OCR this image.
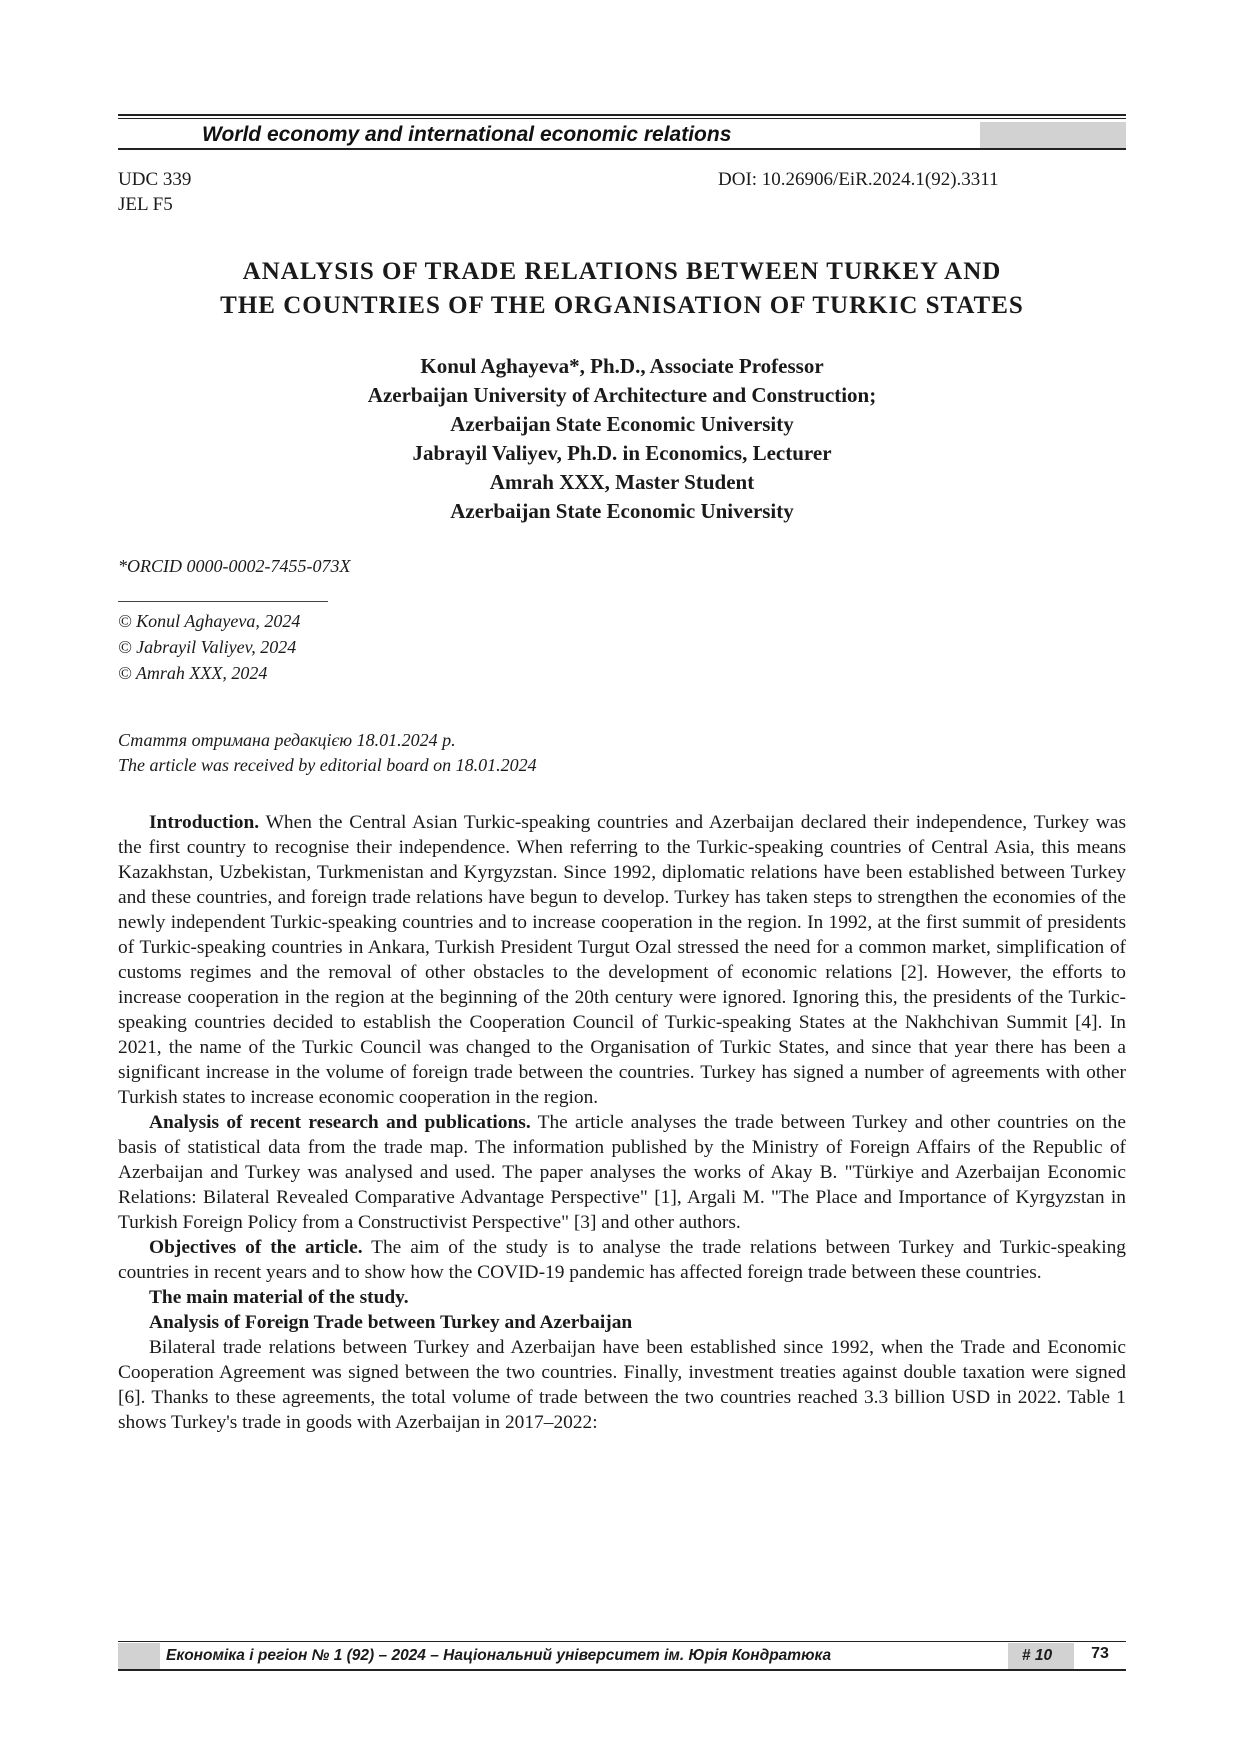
World economy and international economic relations
UDC 339
JEL F5
DOI: 10.26906/EiR.2024.1(92).3311
ANALYSIS OF TRADE RELATIONS BETWEEN TURKEY AND
THE COUNTRIES OF THE ORGANISATION OF TURKIC STATES
Konul Aghayeva*, Ph.D., Associate Professor
Azerbaijan University of Architecture and Construction;
Azerbaijan State Economic University
Jabrayil Valiyev, Ph.D. in Economics, Lecturer
Amrah XXX, Master Student
Azerbaijan State Economic University
*ORCID 0000-0002-7455-073X
© Konul Aghayeva, 2024
© Jabrayil Valiyev, 2024
© Amrah XXX, 2024
Стаття отримана редакцією 18.01.2024 р.
The article was received by editorial board on 18.01.2024

Introduction. When the Central Asian Turkic-speaking countries and Azerbaijan declared their independence, Turkey was the first country to recognise their independence. When referring to the Turkic-speaking countries of Central Asia, this means Kazakhstan, Uzbekistan, Turkmenistan and Kyrgyzstan. Since 1992, diplomatic relations have been established between Turkey and these countries, and foreign trade relations have begun to develop. Turkey has taken steps to strengthen the economies of the newly independent Turkic-speaking countries and to increase cooperation in the region. In 1992, at the first summit of presidents of Turkic-speaking countries in Ankara, Turkish President Turgut Ozal stressed the need for a common market, simplification of customs regimes and the removal of other obstacles to the development of economic relations [2]. However, the efforts to increase cooperation in the region at the beginning of the 20th century were ignored. Ignoring this, the presidents of the Turkic-speaking countries decided to establish the Cooperation Council of Turkic-speaking States at the Nakhchivan Summit [4]. In 2021, the name of the Turkic Council was changed to the Organisation of Turkic States, and since that year there has been a significant increase in the volume of foreign trade between the countries. Turkey has signed a number of agreements with other Turkish states to increase economic cooperation in the region.

Analysis of recent research and publications. The article analyses the trade between Turkey and other countries on the basis of statistical data from the trade map. The information published by the Ministry of Foreign Affairs of the Republic of Azerbaijan and Turkey was analysed and used. The paper analyses the works of Akay B. "Türkiye and Azerbaijan Economic Relations: Bilateral Revealed Comparative Advantage Perspective" [1], Argali M. "The Place and Importance of Kyrgyzstan in Turkish Foreign Policy from a Constructivist Perspective" [3] and other authors.

Objectives of the article. The aim of the study is to analyse the trade relations between Turkey and Turkic-speaking countries in recent years and to show how the COVID-19 pandemic has affected foreign trade between these countries.

The main material of the study.

Analysis of Foreign Trade between Turkey and Azerbaijan

Bilateral trade relations between Turkey and Azerbaijan have been established since 1992, when the Trade and Economic Cooperation Agreement was signed between the two countries. Finally, investment treaties against double taxation were signed [6]. Thanks to these agreements, the total volume of trade between the two countries reached 3.3 billion USD in 2022. Table 1 shows Turkey's trade in goods with Azerbaijan in 2017–2022:

Економіка і регіон № 1 (92) – 2024 – Національний університет ім. Юрія Кондратюка	# 10	73
